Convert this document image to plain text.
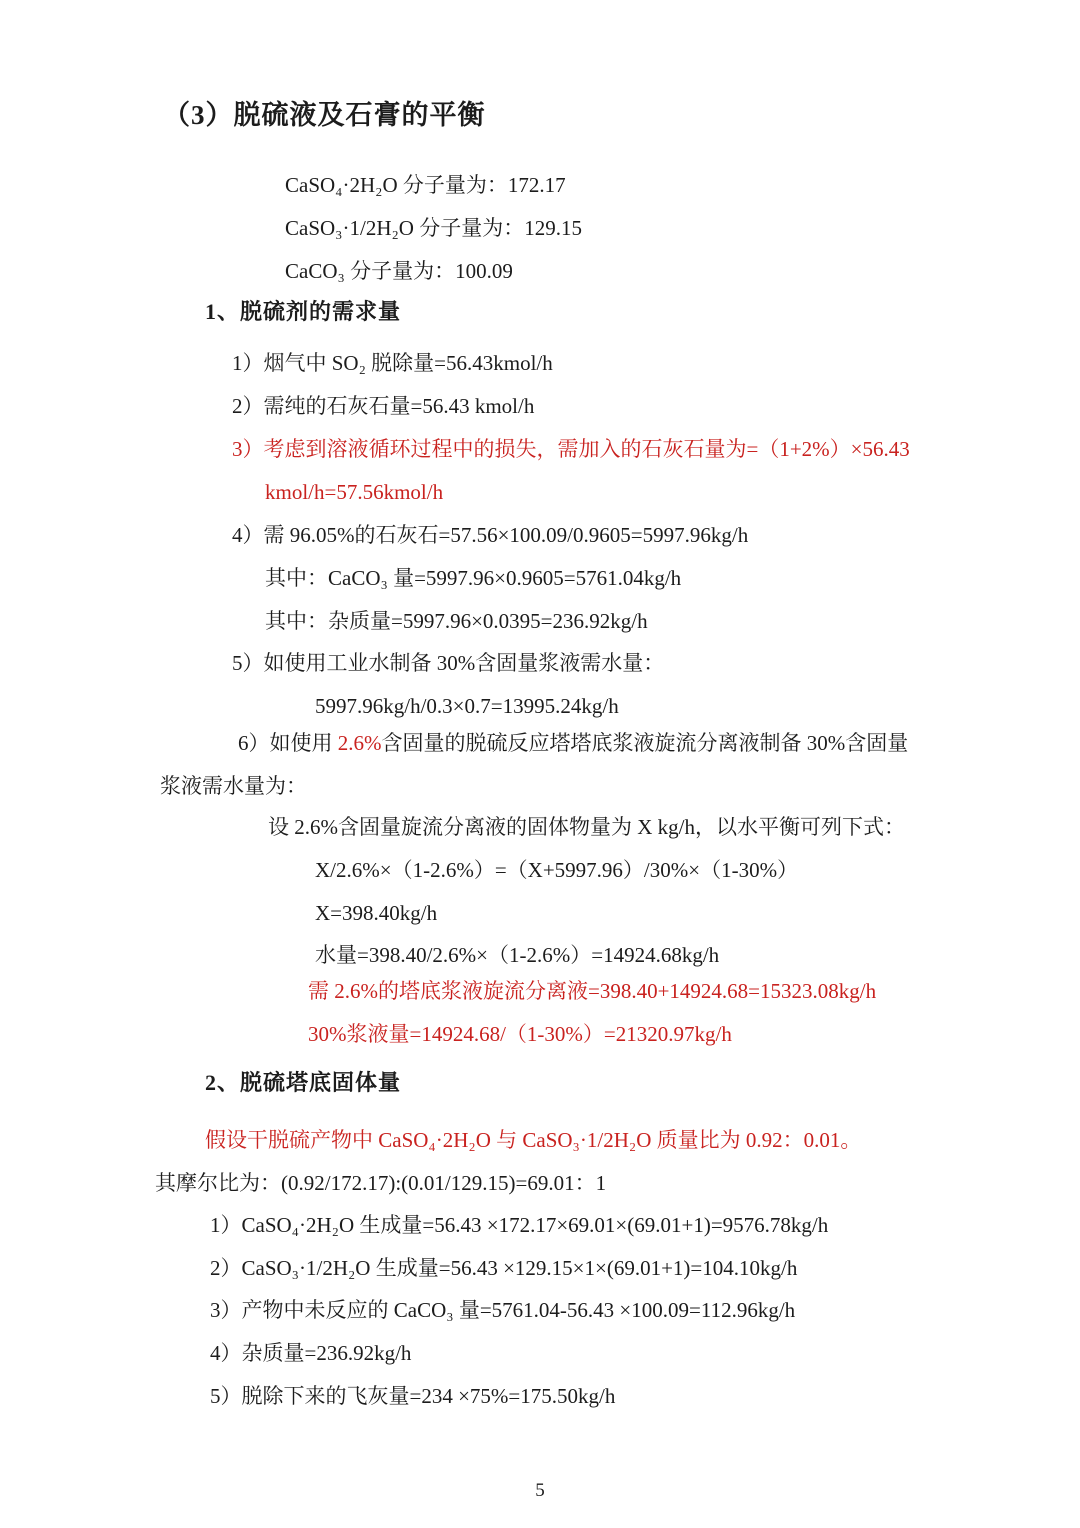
（3）脱硫液及石膏的平衡

CaSO₄·2H₂O 分子量为：172.17

CaSO₃·1/2H₂O 分子量为：129.15

CaCO₃ 分子量为：100.09

1、脱硫剂的需求量

1）烟气中 SO₂ 脱除量=56.43kmol/h

2）需纯的石灰石量=56.43 kmol/h

3）考虑到溶液循环过程中的损失，需加入的石灰石量为=（1+2%）×56.43

kmol/h=57.56kmol/h

4）需 96.05%的石灰石=57.56×100.09/0.9605=5997.96kg/h

其中：CaCO₃ 量=5997.96×0.9605=5761.04kg/h

其中：杂质量=5997.96×0.0395=236.92kg/h

5）如使用工业水制备 30%含固量浆液需水量：

5997.96kg/h/0.3×0.7=13995.24kg/h

6）如使用 2.6%含固量的脱硫反应塔塔底浆液旋流分离液制备 30%含固量

浆液需水量为：

设 2.6%含固量旋流分离液的固体物量为 X kg/h，以水平衡可列下式：

X/2.6%×（1-2.6%）=（X+5997.96）/30%×（1-30%）

X=398.40kg/h

水量=398.40/2.6%×（1-2.6%）=14924.68kg/h

需 2.6%的塔底浆液旋流分离液=398.40+14924.68=15323.08kg/h

30%浆液量=14924.68/（1-30%）=21320.97kg/h

2、脱硫塔底固体量

假设干脱硫产物中 CaSO₄·2H₂O 与 CaSO₃·1/2H₂O 质量比为 0.92：0.01。

其摩尔比为：(0.92/172.17):(0.01/129.15)=69.01：1

1）CaSO₄·2H₂O 生成量=56.43 ×172.17×69.01×(69.01+1)=9576.78kg/h

2）CaSO₃·1/2H₂O 生成量=56.43 ×129.15×1×(69.01+1)=104.10kg/h

3）产物中未反应的 CaCO₃ 量=5761.04-56.43 ×100.09=112.96kg/h

4）杂质量=236.92kg/h

5）脱除下来的飞灰量=234 ×75%=175.50kg/h

5
